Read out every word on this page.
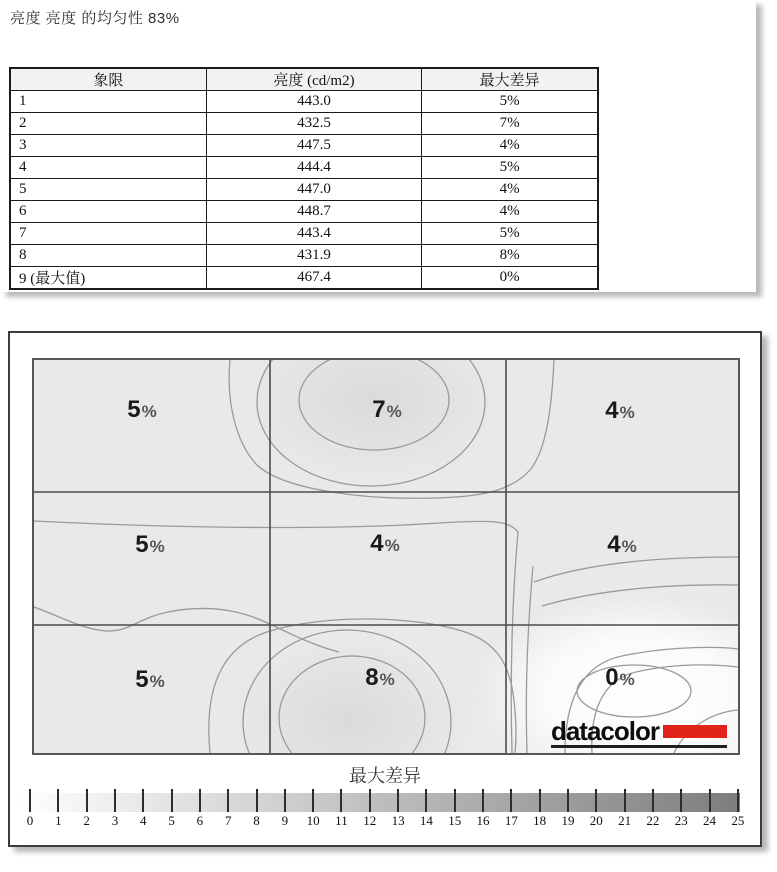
亮度 亮度 的均匀性 83%
象限	亮度 (cd/m2)	最大差异
1	443.0	5%
2	432.5	7%
3	447.5	4%
4	444.4	5%
5	447.0	4%
6	448.7	4%
7	443.4	5%
8	431.9	8%
9 (最大值)	467.4	0%
5%	7%	4%
5%	4%	4%
5%	8%	0%
datacolor
最大差异
0 1 2 3 4 5 6 7 8 9 10 11 12 13 14 15 16 17 18 19 20 21 22 23 24 25
